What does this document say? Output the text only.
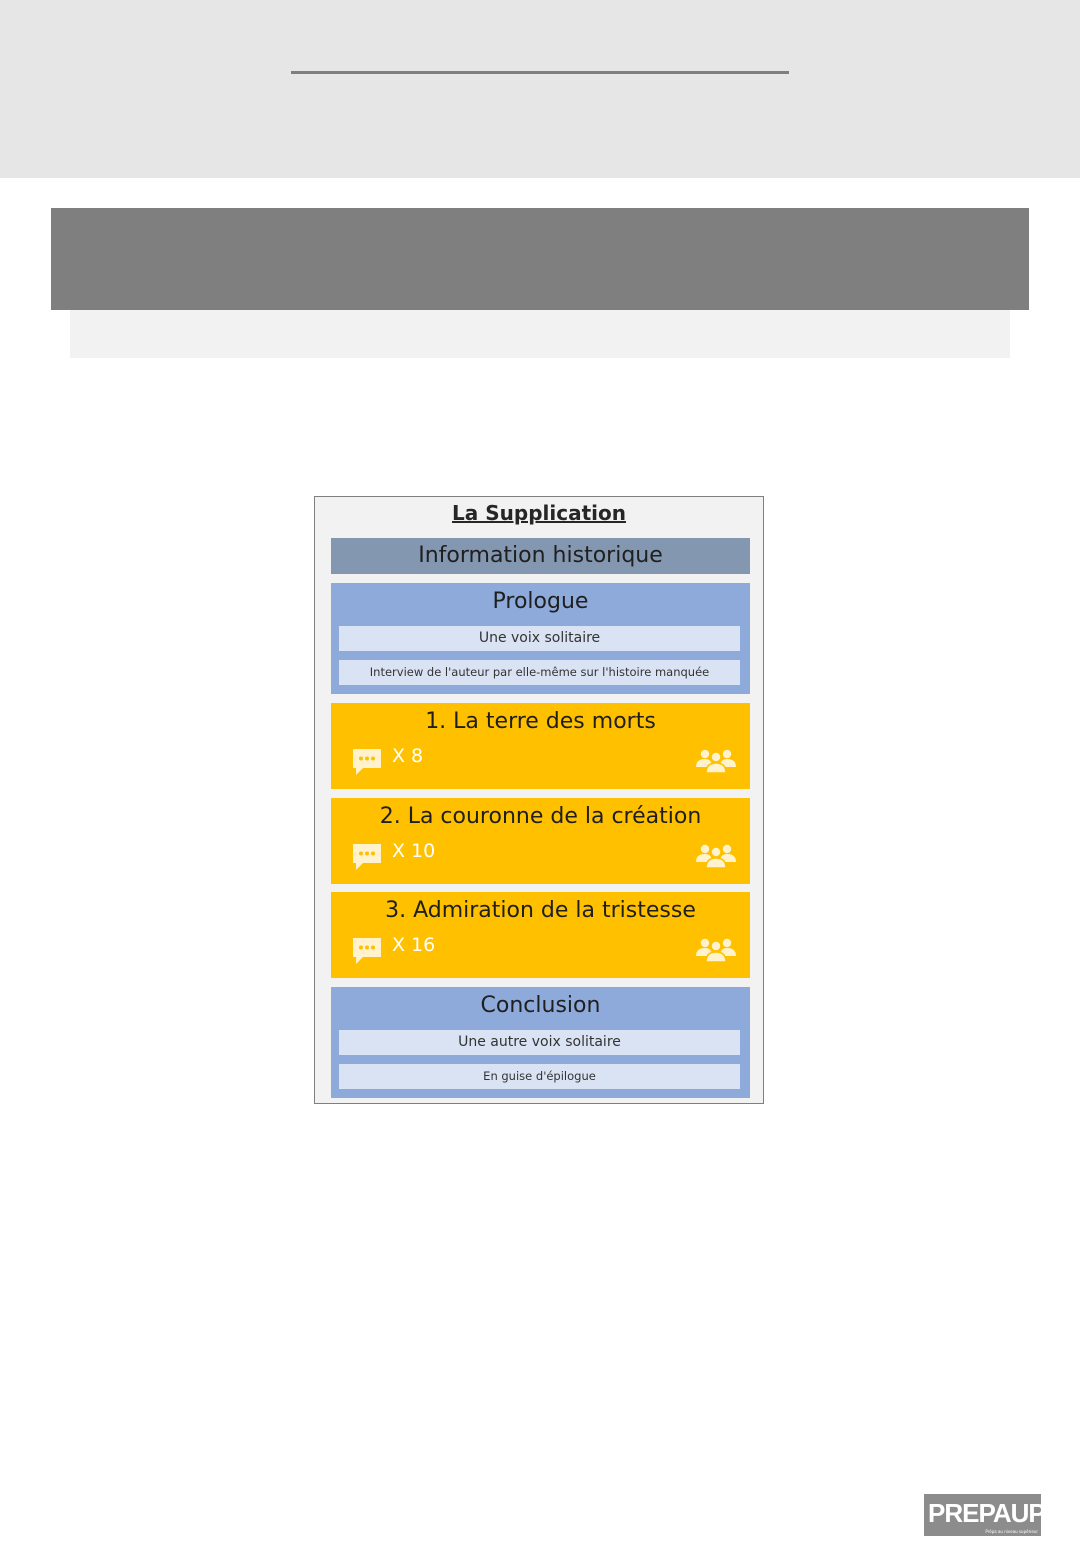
La Supplication
Information historique
Prologue
Une voix solitaire
Interview de l'auteur par elle-même sur l'histoire manquée
1. La terre des morts
X 8
2. La couronne de la création
X 10
3. Admiration de la tristesse
X 16
Conclusion
Une autre voix solitaire
En guise d'épilogue
PREPAUP
Prépa au niveau supérieur
